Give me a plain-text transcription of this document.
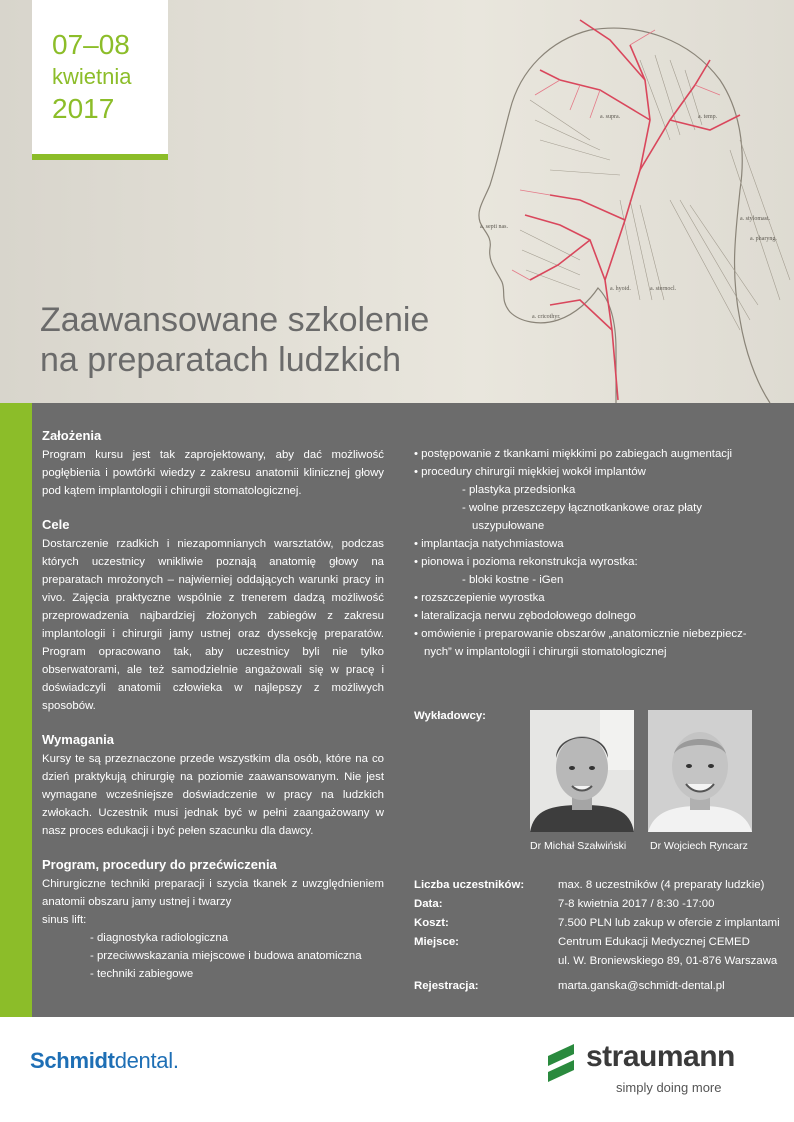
a. supra.	a. temp.
a. stylomast.
a. pharyng.
a. septi nas.
a. cricothyr.
a. hyoid.	a. sternocl.
07–08
kwietnia
2017
Zaawansowane szkolenie
na preparatach ludzkich
Założenia

Program kursu jest tak zaprojektowany, aby dać możliwość pogłębienia i powtórki wiedzy z zakresu anatomii klinicznej głowy pod kątem implantologii i chirurgii stomatologicznej.

Cele

Dostarczenie rzadkich i niezapomnianych warsztatów, podczas których uczestnicy wnikliwie poznają anatomię głowy na preparatach mrożonych – najwierniej oddających warunki pracy in vivo. Zajęcia praktyczne wspólnie z trenerem dadzą możliwość przeprowadzenia najbardziej złożonych zabiegów z zakresu implantologii i chirurgii jamy ustnej oraz dyssekcję preparatów. Program opracowano tak, aby uczestnicy byli nie tylko obserwatorami, ale też samodzielnie angażowali się w pracę i doświadczyli anatomii człowieka w najlepszy z możliwych sposobów.

Wymagania

Kursy te są przeznaczone przede wszystkim dla osób, które na co dzień praktykują chirurgię na poziomie zaawansowanym. Nie jest wymagane wcześniejsze doświadczenie w pracy na ludzkich zwłokach. Uczestnik musi jednak być w pełni zaangażowany w nasz proces edukacji i być pełen szacunku dla dawcy.

Program, procedury do przećwiczenia

Chirurgiczne techniki preparacji i szycia tkanek z uwzględnieniem anatomii obszaru jamy ustnej i twarzy

sinus lift:
- diagnostyka radiologiczna
- przeciwwskazania miejscowe i budowa anatomiczna
- techniki zabiegowe
• postępowanie z tkankami miękkimi po zabiegach augmentacji
• procedury chirurgii miękkiej wokół implantów
- plastyka przedsionka
- wolne przeszczepy łącznotkankowe oraz płaty
uszypułowane
• implantacja natychmiastowa
• pionowa i pozioma rekonstrukcja wyrostka:
- bloki kostne - iGen
• rozszczepienie wyrostka
• lateralizacja nerwu zębodołowego dolnego
• omówienie i preparowanie obszarów „anatomicznie niebezpiecz-
nych” w implantologii i chirurgii stomatologicznej
Wykładowcy:
Dr Michał Szałwiński Dr Wojciech Ryncarz
Liczba uczestników:	max. 8 uczestników (4 preparaty ludzkie)
Data:	7-8 kwietnia 2017 / 8:30 -17:00
Koszt:	7.500 PLN lub zakup w ofercie z implantami
Miejsce:	Centrum Edukacji Medycznej CEMED
ul. W. Broniewskiego 89, 01-876 Warszawa
Rejestracja:	marta.ganska@schmidt-dental.pl
Schmidtdental.	straumann
simply doing more
